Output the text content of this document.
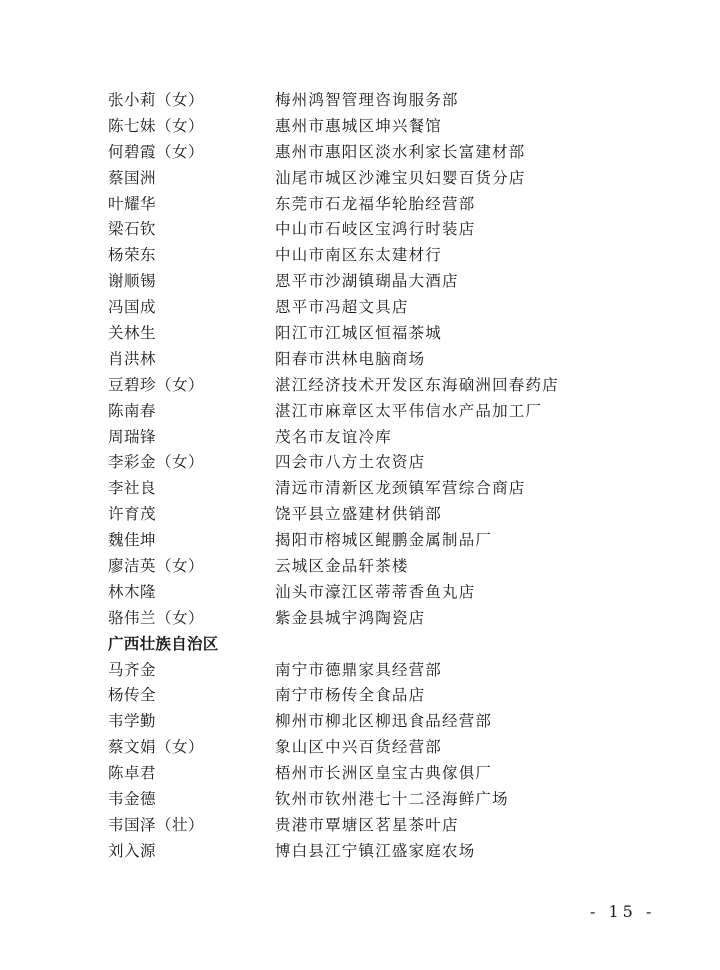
张小莉（女）	梅州鸿智管理咨询服务部
陈七妹（女）	惠州市惠城区坤兴餐馆
何碧霞（女）	惠州市惠阳区淡水利家长富建材部
蔡国洲	汕尾市城区沙滩宝贝妇婴百货分店
叶耀华	东莞市石龙福华轮胎经营部
梁石钦	中山市石岐区宝鸿行时装店
杨荣东	中山市南区东太建材行
谢顺锡	恩平市沙湖镇瑚晶大酒店
冯国成	恩平市冯超文具店
关林生	阳江市江城区恒福茶城
肖洪林	阳春市洪林电脑商场
豆碧珍（女）	湛江经济技术开发区东海硇洲回春药店
陈南春	湛江市麻章区太平伟信水产品加工厂
周瑞锋	茂名市友谊冷库
李彩金（女）	四会市八方土农资店
李社良	清远市清新区龙颈镇军营综合商店
许育茂	饶平县立盛建材供销部
魏佳坤	揭阳市榕城区鲲鹏金属制品厂
廖洁英（女）	云城区金品轩茶楼
林木隆	汕头市濠江区蒂蒂香鱼丸店
骆伟兰（女）	紫金县城宇鸿陶瓷店
广西壮族自治区
马齐金	南宁市德鼎家具经营部
杨传全	南宁市杨传全食品店
韦学勤	柳州市柳北区柳迅食品经营部
蔡文娟（女）	象山区中兴百货经营部
陈卓君	梧州市长洲区皇宝古典傢俱厂
韦金德	钦州市钦州港七十二泾海鲜广场
韦国泽（壮）	贵港市覃塘区茗星茶叶店
刘入源	博白县江宁镇江盛家庭农场
- 15 -
